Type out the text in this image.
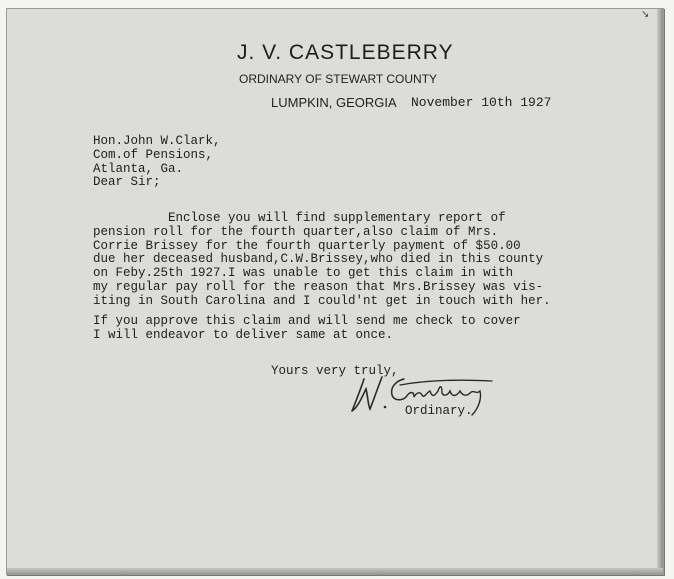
↘
J. V. CASTLEBERRY
ORDINARY OF STEWART COUNTY
LUMPKIN, GEORGIA November 10th 1927
Hon.John W.Clark,
Com.of Pensions,
Atlanta, Ga.
Dear Sir;
Enclose you will find supplementary report of
pension roll for the fourth quarter,also claim of Mrs.
Corrie Brissey for the fourth quarterly payment of $50.00
due her deceased husband,C.W.Brissey,who died in this county
on Feby.25th 1927.I was unable to get this claim in with
my regular pay roll for the reason that Mrs.Brissey was vis-
iting in South Carolina and I could'nt get in touch with her.
If you approve this claim and will send me check to cover
I will endeavor to deliver same at once.
Yours very truly,
Ordinary.
